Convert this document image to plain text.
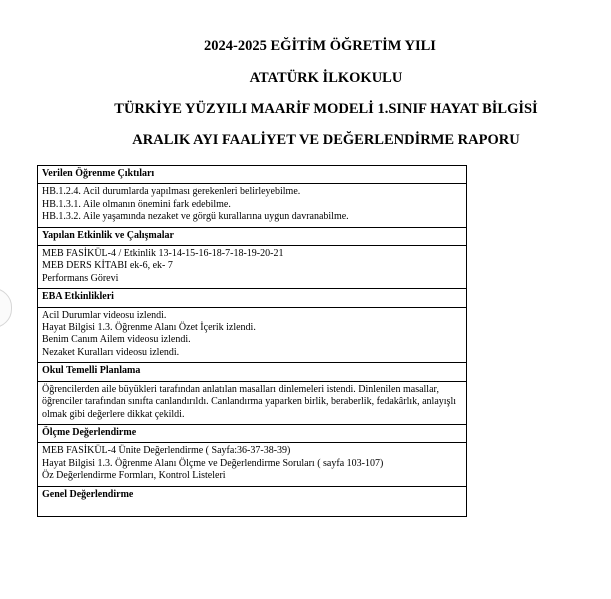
2024-2025 EĞİTİM ÖĞRETİM YILI
ATATÜRK İLKOKULU
TÜRKİYE YÜZYILI MAARİF MODELİ 1.SINIF HAYAT BİLGİSİ
ARALIK AYI FAALİYET VE DEĞERLENDİRME RAPORU
Verilen Öğrenme Çıktıları

HB.1.2.4. Acil durumlarda yapılması gerekenleri belirleyebilme.
HB.1.3.1. Aile olmanın önemini fark edebilme.
HB.1.3.2. Aile yaşamında nezaket ve görgü kurallarına uygun davranabilme.

Yapılan Etkinlik ve Çalışmalar

MEB FASİKÜL-4 / Etkinlik 13-14-15-16-18-7-18-19-20-21
MEB DERS KİTABI ek-6, ek- 7
Performans Görevi

EBA Etkinlikleri

Acil Durumlar videosu izlendi.
Hayat Bilgisi 1.3. Öğrenme Alanı Özet İçerik izlendi.
Benim Canım Ailem videosu izlendi.
Nezaket Kuralları videosu izlendi.

Okul Temelli Planlama

Öğrencilerden aile büyükleri tarafından anlatılan masalları dinlemeleri istendi. Dinlenilen masallar, öğrenciler tarafından sınıfta canlandırıldı. Canlandırma yaparken birlik, beraberlik, fedakârlık, anlayışlı olmak gibi değerlere dikkat çekildi.

Ölçme Değerlendirme

MEB FASİKÜL-4 Ünite Değerlendirme ( Sayfa:36-37-38-39)
Hayat Bilgisi 1.3. Öğrenme Alanı Ölçme ve Değerlendirme Soruları ( sayfa 103-107)
Öz Değerlendirme Formları, Kontrol Listeleri

Genel Değerlendirme
